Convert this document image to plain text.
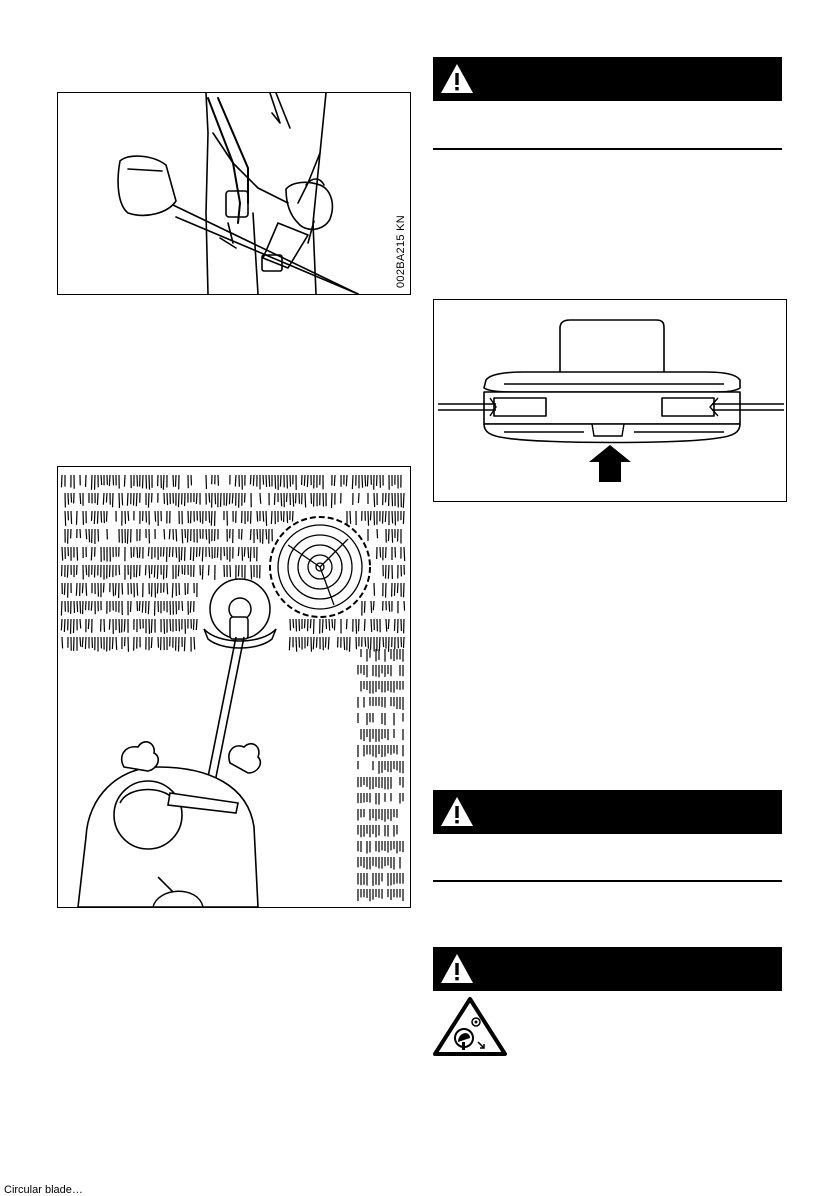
002BA215 KN
Circular blade…
